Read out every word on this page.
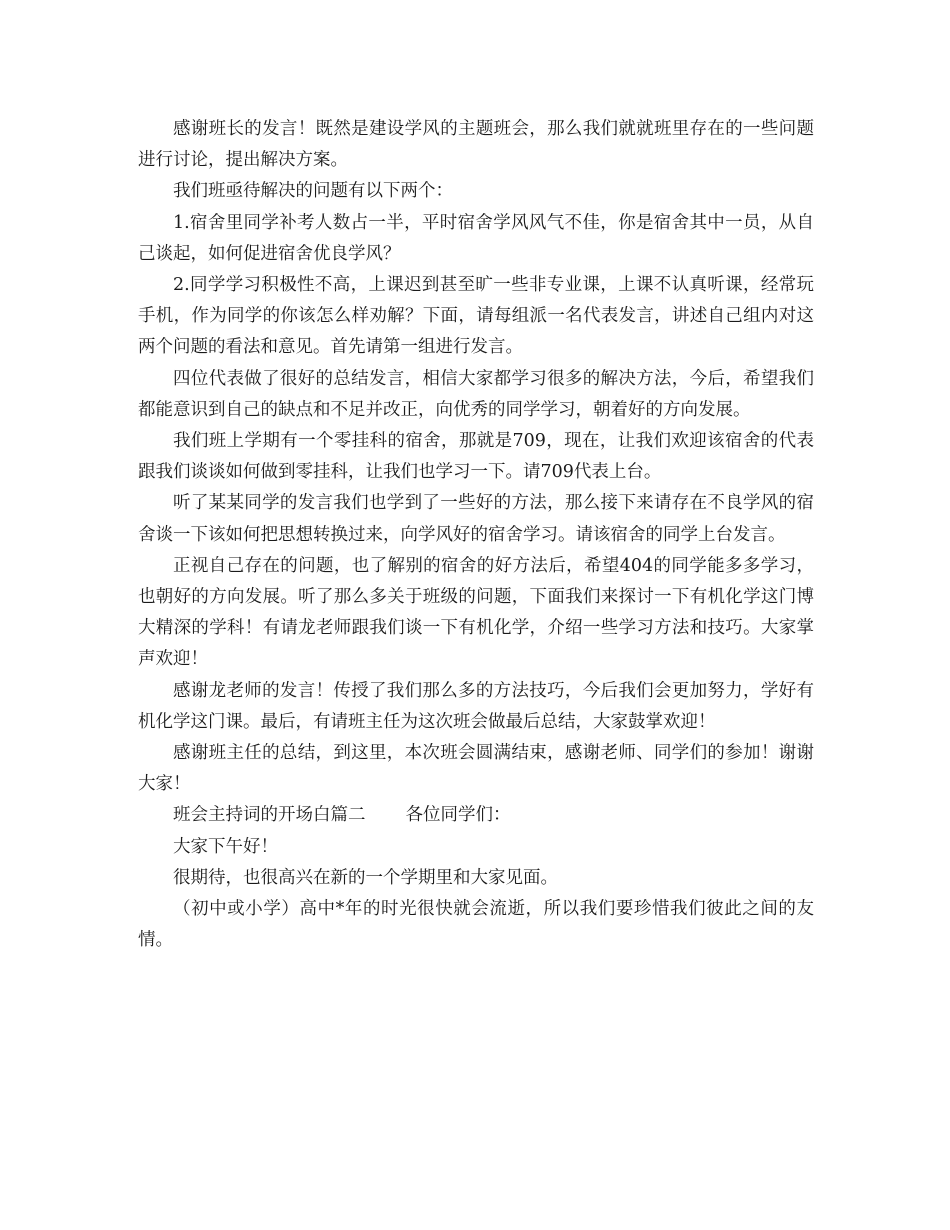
感谢班长的发言！既然是建设学风的主题班会，那么我们就就班里存在的一些问题进行讨论，提出解决方案。

我们班亟待解决的问题有以下两个：

1.宿舍里同学补考人数占一半，平时宿舍学风风气不佳，你是宿舍其中一员，从自己谈起，如何促进宿舍优良学风？

2.同学学习积极性不高，上课迟到甚至旷一些非专业课，上课不认真听课，经常玩手机，作为同学的你该怎么样劝解？下面，请每组派一名代表发言，讲述自己组内对这两个问题的看法和意见。首先请第一组进行发言。

四位代表做了很好的总结发言，相信大家都学习很多的解决方法，今后，希望我们都能意识到自己的缺点和不足并改正，向优秀的同学学习，朝着好的方向发展。

我们班上学期有一个零挂科的宿舍，那就是709，现在，让我们欢迎该宿舍的代表跟我们谈谈如何做到零挂科，让我们也学习一下。请709代表上台。

听了某某同学的发言我们也学到了一些好的方法，那么接下来请存在不良学风的宿舍谈一下该如何把思想转换过来，向学风好的宿舍学习。请该宿舍的同学上台发言。

正视自己存在的问题，也了解别的宿舍的好方法后，希望404的同学能多多学习，也朝好的方向发展。听了那么多关于班级的问题，下面我们来探讨一下有机化学这门博大精深的学科！有请龙老师跟我们谈一下有机化学，介绍一些学习方法和技巧。大家掌声欢迎！

感谢龙老师的发言！传授了我们那么多的方法技巧，今后我们会更加努力，学好有机化学这门课。最后，有请班主任为这次班会做最后总结，大家鼓掌欢迎！

感谢班主任的总结，到这里，本次班会圆满结束，感谢老师、同学们的参加！谢谢大家！

班会主持词的开场白篇二 各位同学们：

大家下午好！

很期待，也很高兴在新的一个学期里和大家见面。

（初中或小学）高中*年的时光很快就会流逝，所以我们要珍惜我们彼此之间的友情。
